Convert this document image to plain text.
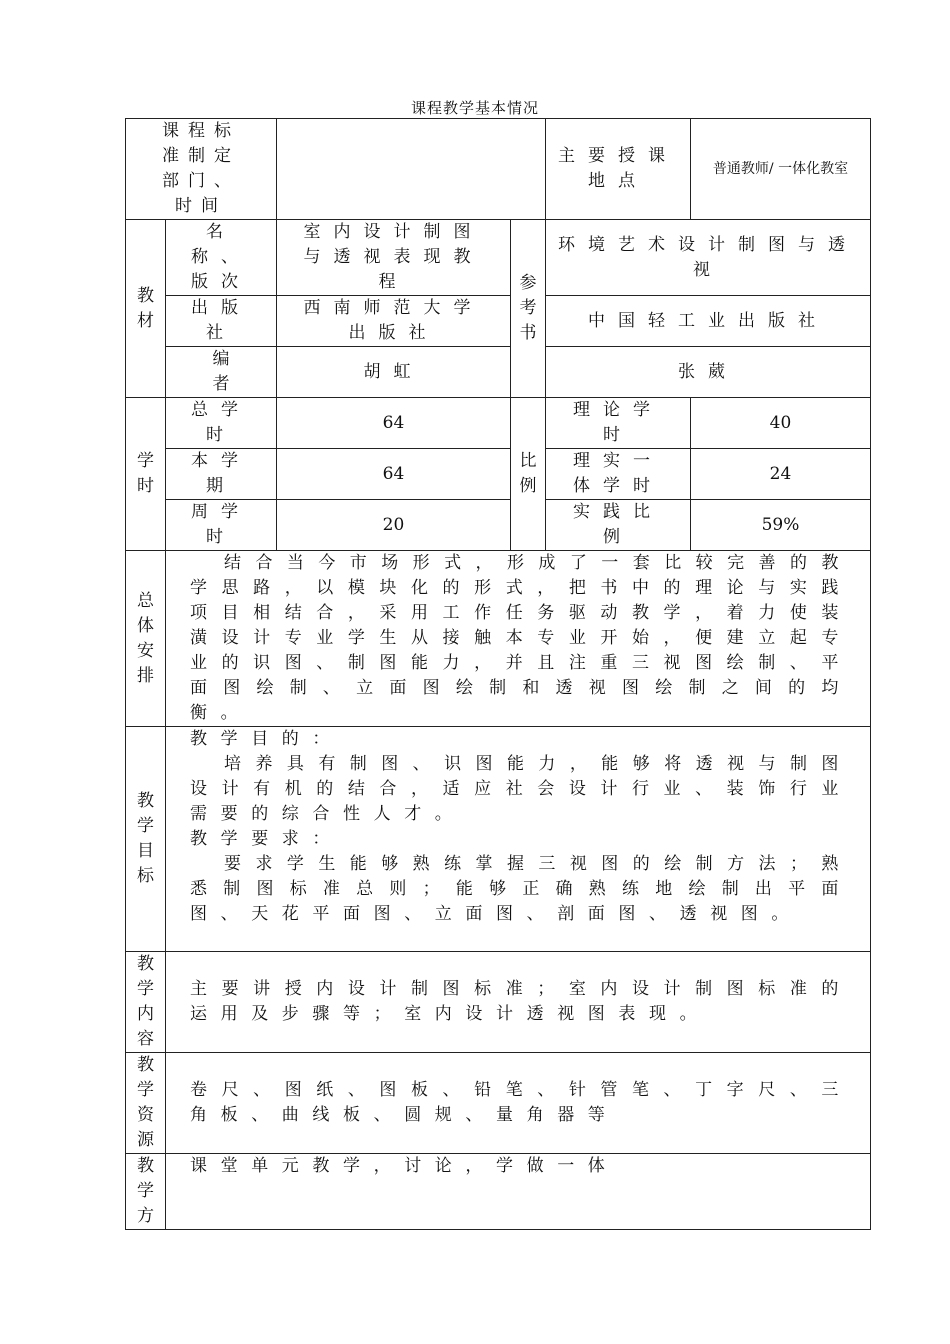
课程教学基本情况
课程标准制定部门、时间				主要授课地点	普通教师/ 一体化教室

教材	名称、版次	室内设计制图与透视表现教程	参考书	环境艺术设计制图与透视	

	出版社	西南师范大学出版社		中国轻工业出版社	

	编者	胡虹		张葳	

学时	总学时	64	比例	理论学时	40

	本学期	64		理实一体学时	24

	周学时	20		实践比例	59%

总体安排	结合当今市场形式，形成了一套比较完善的教学思路，以模块化的形式，把书中的理论与实践项目相结合，采用工作任务驱动教学，着力使装潢设计专业学生从接触本专业开始，便建立起专业的识图、制图能力，并且注重三视图绘制、平面图绘制、立面图绘制和透视图绘制之间的均衡。				

教学目标	教学目的：
培养具有制图、识图能力，能够将透视与制图设计有机的结合，适应社会设计行业、装饰行业需要的综合性人才。
教学要求：
要求学生能够熟练掌握三视图的绘制方法；熟悉制图标准总则；能够正确熟练地绘制出平面图、天花平面图、立面图、剖面图、透视图。				

教学内容	主要讲授内设计制图标准；室内设计制图标准的运用及步骤等；室内设计透视图表现。				

教学资源	卷尺、图纸、图板、铅笔、针管笔、丁字尺、三角板、曲线板、圆规、量角器等				

教学方	课堂单元教学，讨论，学做一体				
